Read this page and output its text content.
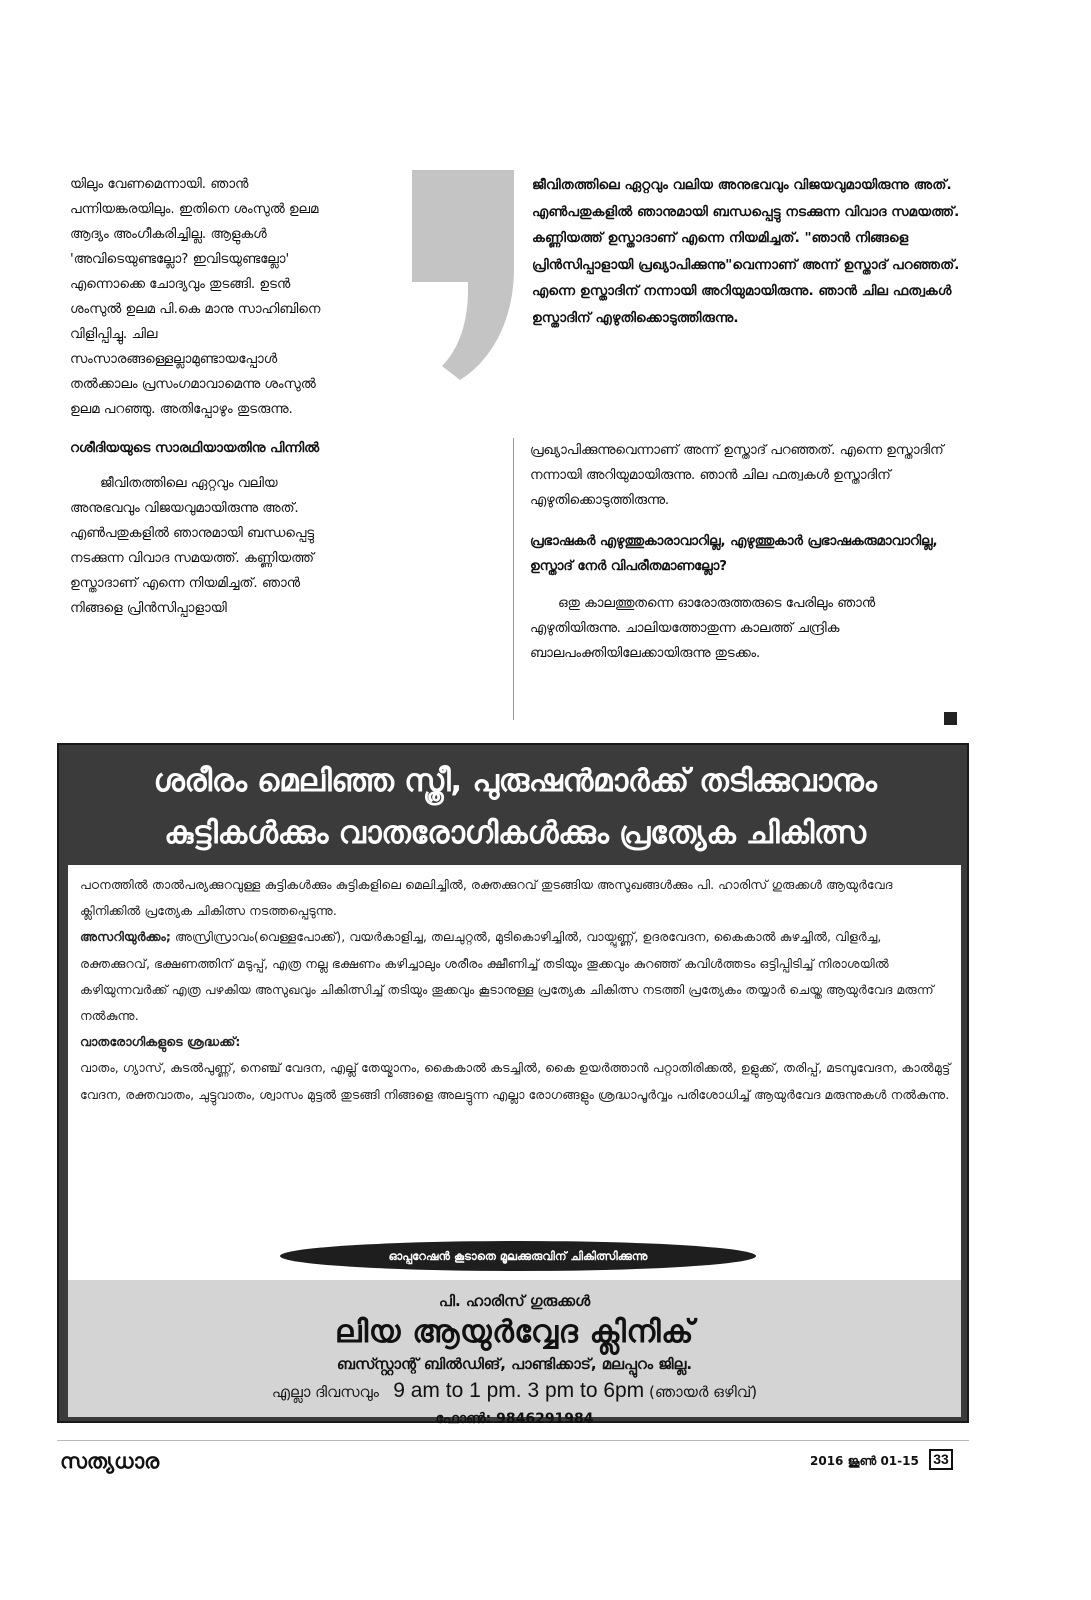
യിലും വേണമെന്നായി. ഞാൻ പന്നിയങ്കരയിലും. ഇതിനെ ശംസുൽ ഉലമ ആദ്യം അംഗീകരിച്ചില്ല. ആളുകൾ 'അവിടെയുണ്ടല്ലോ? ഇവിടയുണ്ടല്ലോ' എന്നൊക്കെ ചോദ്യവും തുടങ്ങി. ഉടൻ ശംസുൽ ഉലമ പി.കെ മാനു സാഹിബിനെ വിളിപ്പിച്ചു. ചില സംസാരങ്ങള്ളെല്ലാമുണ്ടായപ്പോൾ തൽക്കാലം പ്രസംഗമാവാമെന്നു ശംസുൽ ഉലമ പറഞ്ഞു. അതിപ്പോഴും തുടരുന്നു.

റശീദിയയുടെ സാരഥിയായതിനു പിന്നിൽ

ജീവിതത്തിലെ ഏറ്റവും വലിയ അനുഭവവും വിജയവുമായിരുന്നു അത്. എൺപതുകളിൽ ഞാനുമായി ബന്ധപ്പെട്ടു നടക്കുന്ന വിവാദ സമയത്ത്. കണ്ണിയത്ത് ഉസ്താദാണ് എന്നെ നിയമിച്ചത്. ഞാൻ നിങ്ങളെ പ്രിൻസിപ്പാളായി

ജീവിതത്തിലെ ഏറ്റവും വലിയ അനുഭവവും വിജയവുമായിരുന്നു അത്. എൺപതുകളിൽ ഞാനുമായി ബന്ധപ്പെട്ടു നടക്കുന്ന വിവാദ സമയത്ത്. കണ്ണിയത്ത് ഉസ്താദാണ് എന്നെ നിയമിച്ചത്. "ഞാൻ നിങ്ങളെ പ്രിൻസിപ്പാളായി പ്രഖ്യാപിക്കുന്നു"വെന്നാണ് അന്ന് ഉസ്താദ് പറഞ്ഞത്. എന്നെ ഉസ്താദിന് നന്നായി അറിയുമായിരുന്നു. ഞാൻ ചില ഫത്വകൾ ഉസ്താദിന് എഴുതിക്കൊടുത്തിരുന്നു.

പ്രഖ്യാപിക്കുന്നുവെന്നാണ് അന്ന് ഉസ്താദ് പറഞ്ഞത്. എന്നെ ഉസ്താദിന് നന്നായി അറിയുമായിരുന്നു. ഞാൻ ചില ഫത്വകൾ ഉസ്താദിന് എഴുതിക്കൊടുത്തിരുന്നു.

പ്രഭാഷകർ എഴുത്തുകാരാവാറില്ല, എഴുത്തുകാർ പ്രഭാഷകരുമാവാറില്ല, ഉസ്താദ് നേർ വിപരീതമാണല്ലോ?

ഒതു കാലത്തുതന്നെ ഓരോരുത്തരുടെ പേരിലും ഞാൻ എഴുതിയിരുന്നു. ചാലിയത്തോതുന്ന കാലത്ത് ചന്ദ്രിക ബാലപംക്തിയിലേക്കായിരുന്നു തുടക്കം.

ശരീരം മെലിഞ്ഞ സ്ത്രീ, പുരുഷൻമാർക്ക് തടിക്കുവാനും
കുട്ടികൾക്കും വാതരോഗികൾക്കും പ്രത്യേക ചികിത്സ

പഠനത്തിൽ താൽപര്യക്കുറവുള്ള കുട്ടികൾക്കും കുട്ടികളിലെ മെലിച്ചിൽ, രക്തക്കുറവ് തുടങ്ങിയ അസുഖങ്ങൾക്കും പി. ഹാരിസ് ഗുരുക്കൾ ആയുർവേദ ക്ലിനിക്കിൽ പ്രത്യേക ചികിത്സ നടത്തപ്പെടുന്നു.

അസറിയുർക്കം; അസ്രിസ്രാവം(വെള്ളപോക്ക്), വയർകാളിച്ച, തലചുറ്റൽ, മുടികൊഴിച്ചിൽ, വായ്പുണ്ണ്, ഉദരവേദന, കൈകാൽ കുഴച്ചിൽ, വിളർച്ച, രക്തക്കുറവ്, ഭക്ഷണത്തിന് മടുപ്പ്, എത്ര നല്ല ഭക്ഷണം കഴിച്ചാലും ശരീരം ക്ഷീണിച്ച് തടിയും തൂക്കവും കുറഞ്ഞ് കവിൾത്തടം ഒട്ടിപ്പിടിച്ച് നിരാശയിൽ കഴിയുന്നവർക്ക് എത്ര പഴകിയ അസുഖവും ചികിത്സിച്ച് തടിയും തൂക്കവും കൂടാനുള്ള പ്രത്യേക ചികിത്സ നടത്തി പ്രത്യേകം തയ്യാർ ചെയ്ത ആയുർവേദ മരുന്ന് നൽകുന്നു.

വാതരോഗികളുടെ ശ്രദ്ധക്ക്:

വാതം, ഗ്യാസ്, കുടൽപുണ്ണ്, നെഞ്ച് വേദന, എല്ല് തേയ്മാനം, കൈകാൽ കടച്ചിൽ, കൈ ഉയർത്താൻ പറ്റാതിരിക്കൽ, ഉളുക്ക്, തരിപ്പ്, മടമ്പുവേദന, കാൽമുട്ട് വേദന, രക്തവാതം, ചുട്ടുവാതം, ശ്വാസം മുട്ടൽ തുടങ്ങി നിങ്ങളെ അലട്ടുന്ന എല്ലാ രോഗങ്ങളും ശ്രദ്ധാപൂർവ്വം പരിശോധിച്ച് ആയുർവേദ മരുന്നുകൾ നൽകുന്നു.

ഓപ്പറേഷൻ കൂടാതെ മൂലക്കുരുവിന് ചികിത്സിക്കുന്നു
പി. ഹാരിസ് ഗുരുക്കൾ
ലിയ ആയുർവ്വേദ ക്ലിനിക്
ബസ്സ്റ്റാന്റ് ബിൽഡിങ്, പാണ്ടിക്കാട്, മലപ്പുറം ജില്ല.
എല്ലാ ദിവസവും 9 am to 1 pm. 3 pm to 6pm (ഞായർ ഒഴിവ്)
ഫോൺ: 9846291984
സത്യധാര	2016 ജൂൺ 01-15	33
